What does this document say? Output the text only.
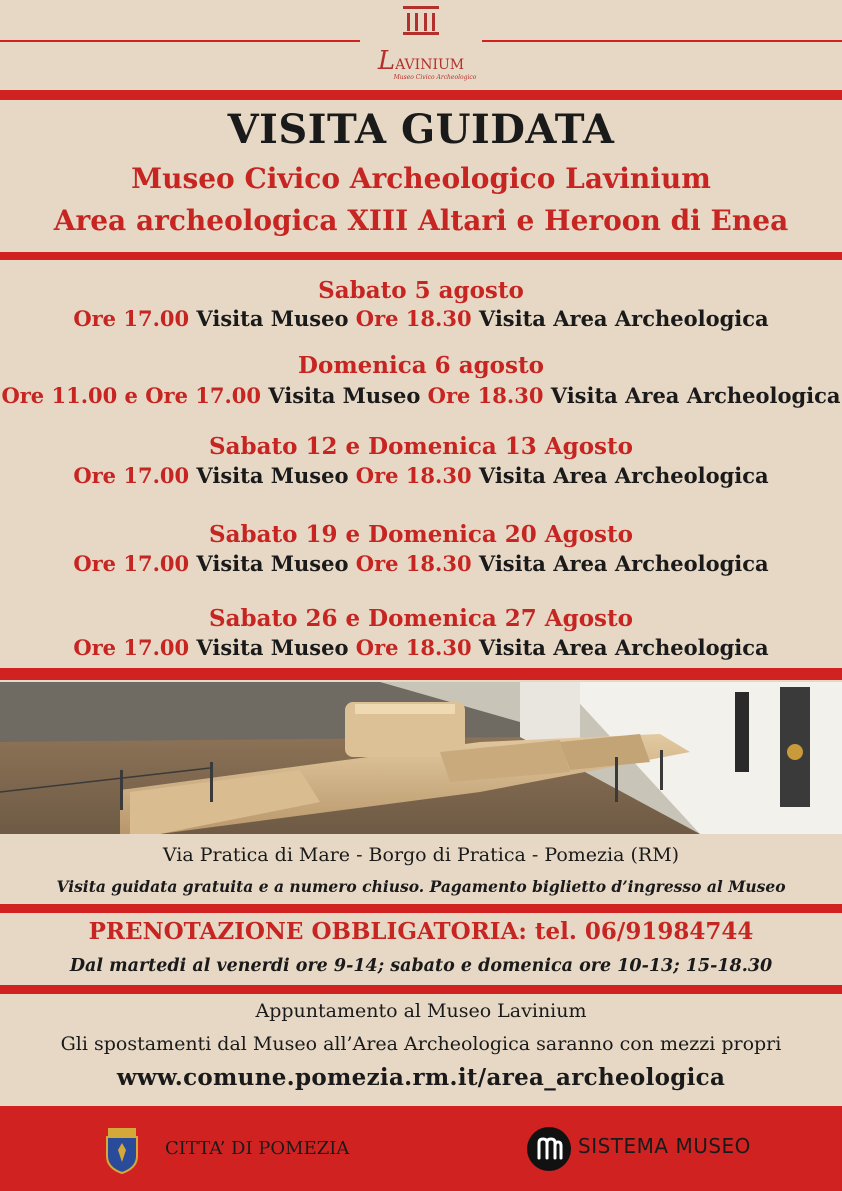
LAVINIUM
Museo Civico Archeologico
VISITA GUIDATA
Museo Civico Archeologico Lavinium
Area archeologica XIII Altari e Heroon di Enea
Sabato 5 agosto
Ore 17.00 Visita Museo Ore 18.30 Visita Area Archeologica
Domenica 6 agosto
Ore 11.00 e Ore 17.00 Visita Museo Ore 18.30 Visita Area Archeologica
Sabato 12 e Domenica 13 Agosto
Ore 17.00 Visita Museo Ore 18.30 Visita Area Archeologica
Sabato 19 e Domenica 20 Agosto
Ore 17.00 Visita Museo Ore 18.30 Visita Area Archeologica
Sabato 26 e Domenica 27 Agosto
Ore 17.00 Visita Museo Ore 18.30 Visita Area Archeologica
Via Pratica di Mare - Borgo di Pratica - Pomezia (RM)
Visita guidata gratuita e a numero chiuso. Pagamento biglietto d’ingresso al Museo
PRENOTAZIONE OBBLIGATORIA: tel. 06/91984744
Dal martedi al venerdi ore 9-14; sabato e domenica ore 10-13; 15-18.30
Appuntamento al Museo Lavinium
Gli spostamenti dal Museo all’Area Archeologica saranno con mezzi propri
www.comune.pomezia.rm.it/area_archeologica
CITTA’ DI POMEZIA	SISTEMA MUSEO
